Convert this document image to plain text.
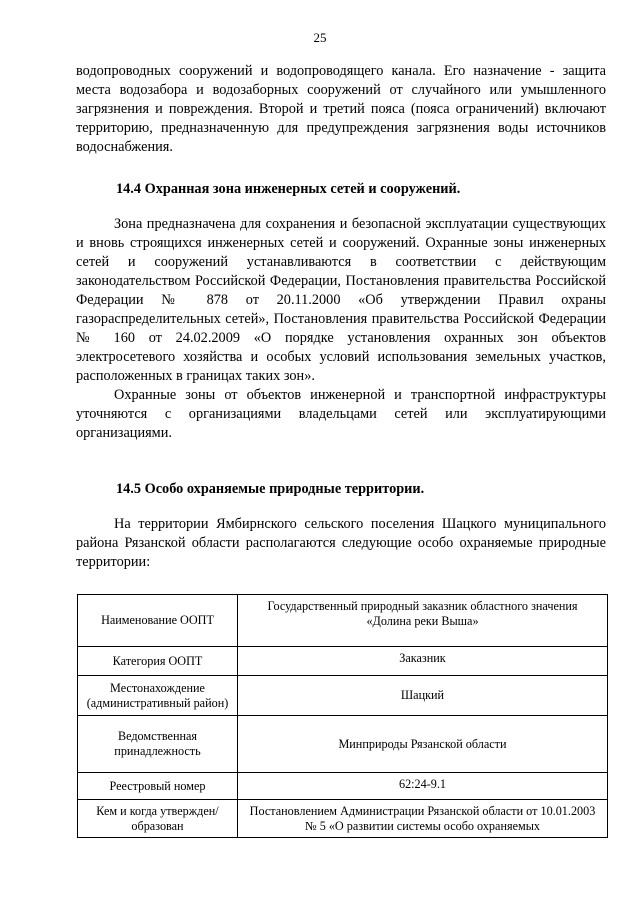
25

водопроводных сооружений и водопроводящего канала. Его назначение - защита места водозабора и водозаборных сооружений от случайного или умышленного загрязнения и повреждения. Второй и третий пояса (пояса ограничений) включают территорию, предназначенную для предупреждения загрязнения воды источников водоснабжения.

14.4 Охранная зона инженерных сетей и сооружений.

Зона предназначена для сохранения и безопасной эксплуатации существующих и вновь строящихся инженерных сетей и сооружений. Охранные зоны инженерных сетей и сооружений устанавливаются в соответствии с действующим законодательством Российской Федерации, Постановления правительства Российской Федерации № 878 от 20.11.2000 «Об утверждении Правил охраны газораспределительных сетей», Постановления правительства Российской Федерации № 160 от 24.02.2009 «О порядке установления охранных зон объектов электросетевого хозяйства и особых условий использования земельных участков, расположенных в границах таких зон».

Охранные зоны от объектов инженерной и транспортной инфраструктуры уточняются с организациями владельцами сетей или эксплуатирующими организациями.

14.5 Особо охраняемые природные территории.

На территории Ямбирнского сельского поселения Шацкого муниципального района Рязанской области располагаются следующие особо охраняемые природные территории:

Наименование ООПТ	Государственный природный заказник областного значения «Долина реки Выша»
Категория ООПТ	Заказник
Местонахождение (административный район)	Шацкий
Ведомственная принадлежность	Минприроды Рязанской области
Реестровый номер	62:24-9.1
Кем и когда утвержден/ образован	Постановлением Администрации Рязанской области от 10.01.2003 № 5 «О развитии системы особо охраняемых
